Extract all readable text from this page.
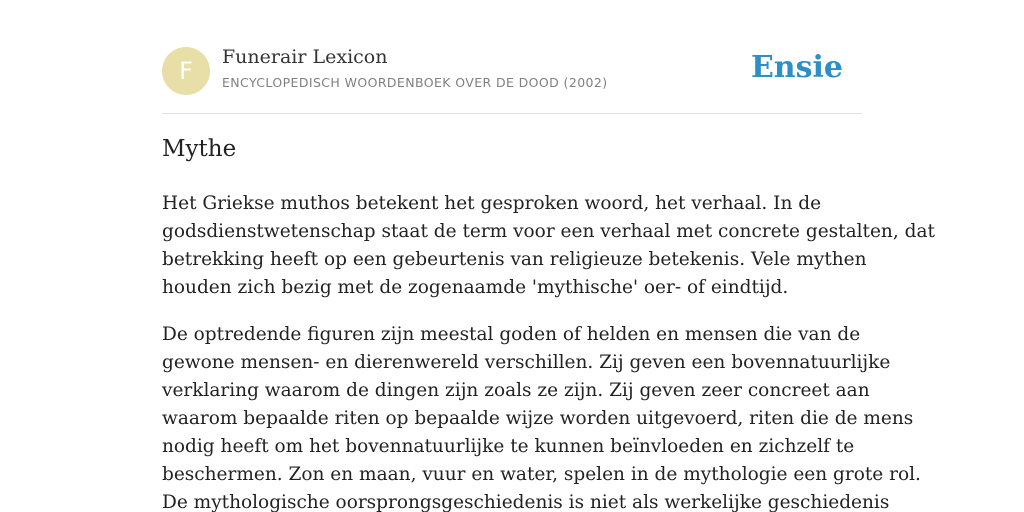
F	Funerair Lexicon
ENCYCLOPEDISCH WOORDENBOEK OVER DE DOOD (2002)	Ensie
Mythe

Het Griekse muthos betekent het gesproken woord, het verhaal. In de
godsdienstwetenschap staat de term voor een verhaal met concrete gestalten, dat
betrekking heeft op een gebeurtenis van religieuze betekenis. Vele mythen
houden zich bezig met de zogenaamde 'mythische' oer- of eindtijd.

De optredende figuren zijn meestal goden of helden en mensen die van de
gewone mensen- en dierenwereld verschillen. Zij geven een bovennatuurlijke
verklaring waarom de dingen zijn zoals ze zijn. Zij geven zeer concreet aan
waarom bepaalde riten op bepaalde wijze worden uitgevoerd, riten die de mens
nodig heeft om het bovennatuurlijke te kunnen beïnvloeden en zichzelf te
beschermen. Zon en maan, vuur en water, spelen in de mythologie een grote rol.
De mythologische oorsprongsgeschiedenis is niet als werkelijke geschiedenis
